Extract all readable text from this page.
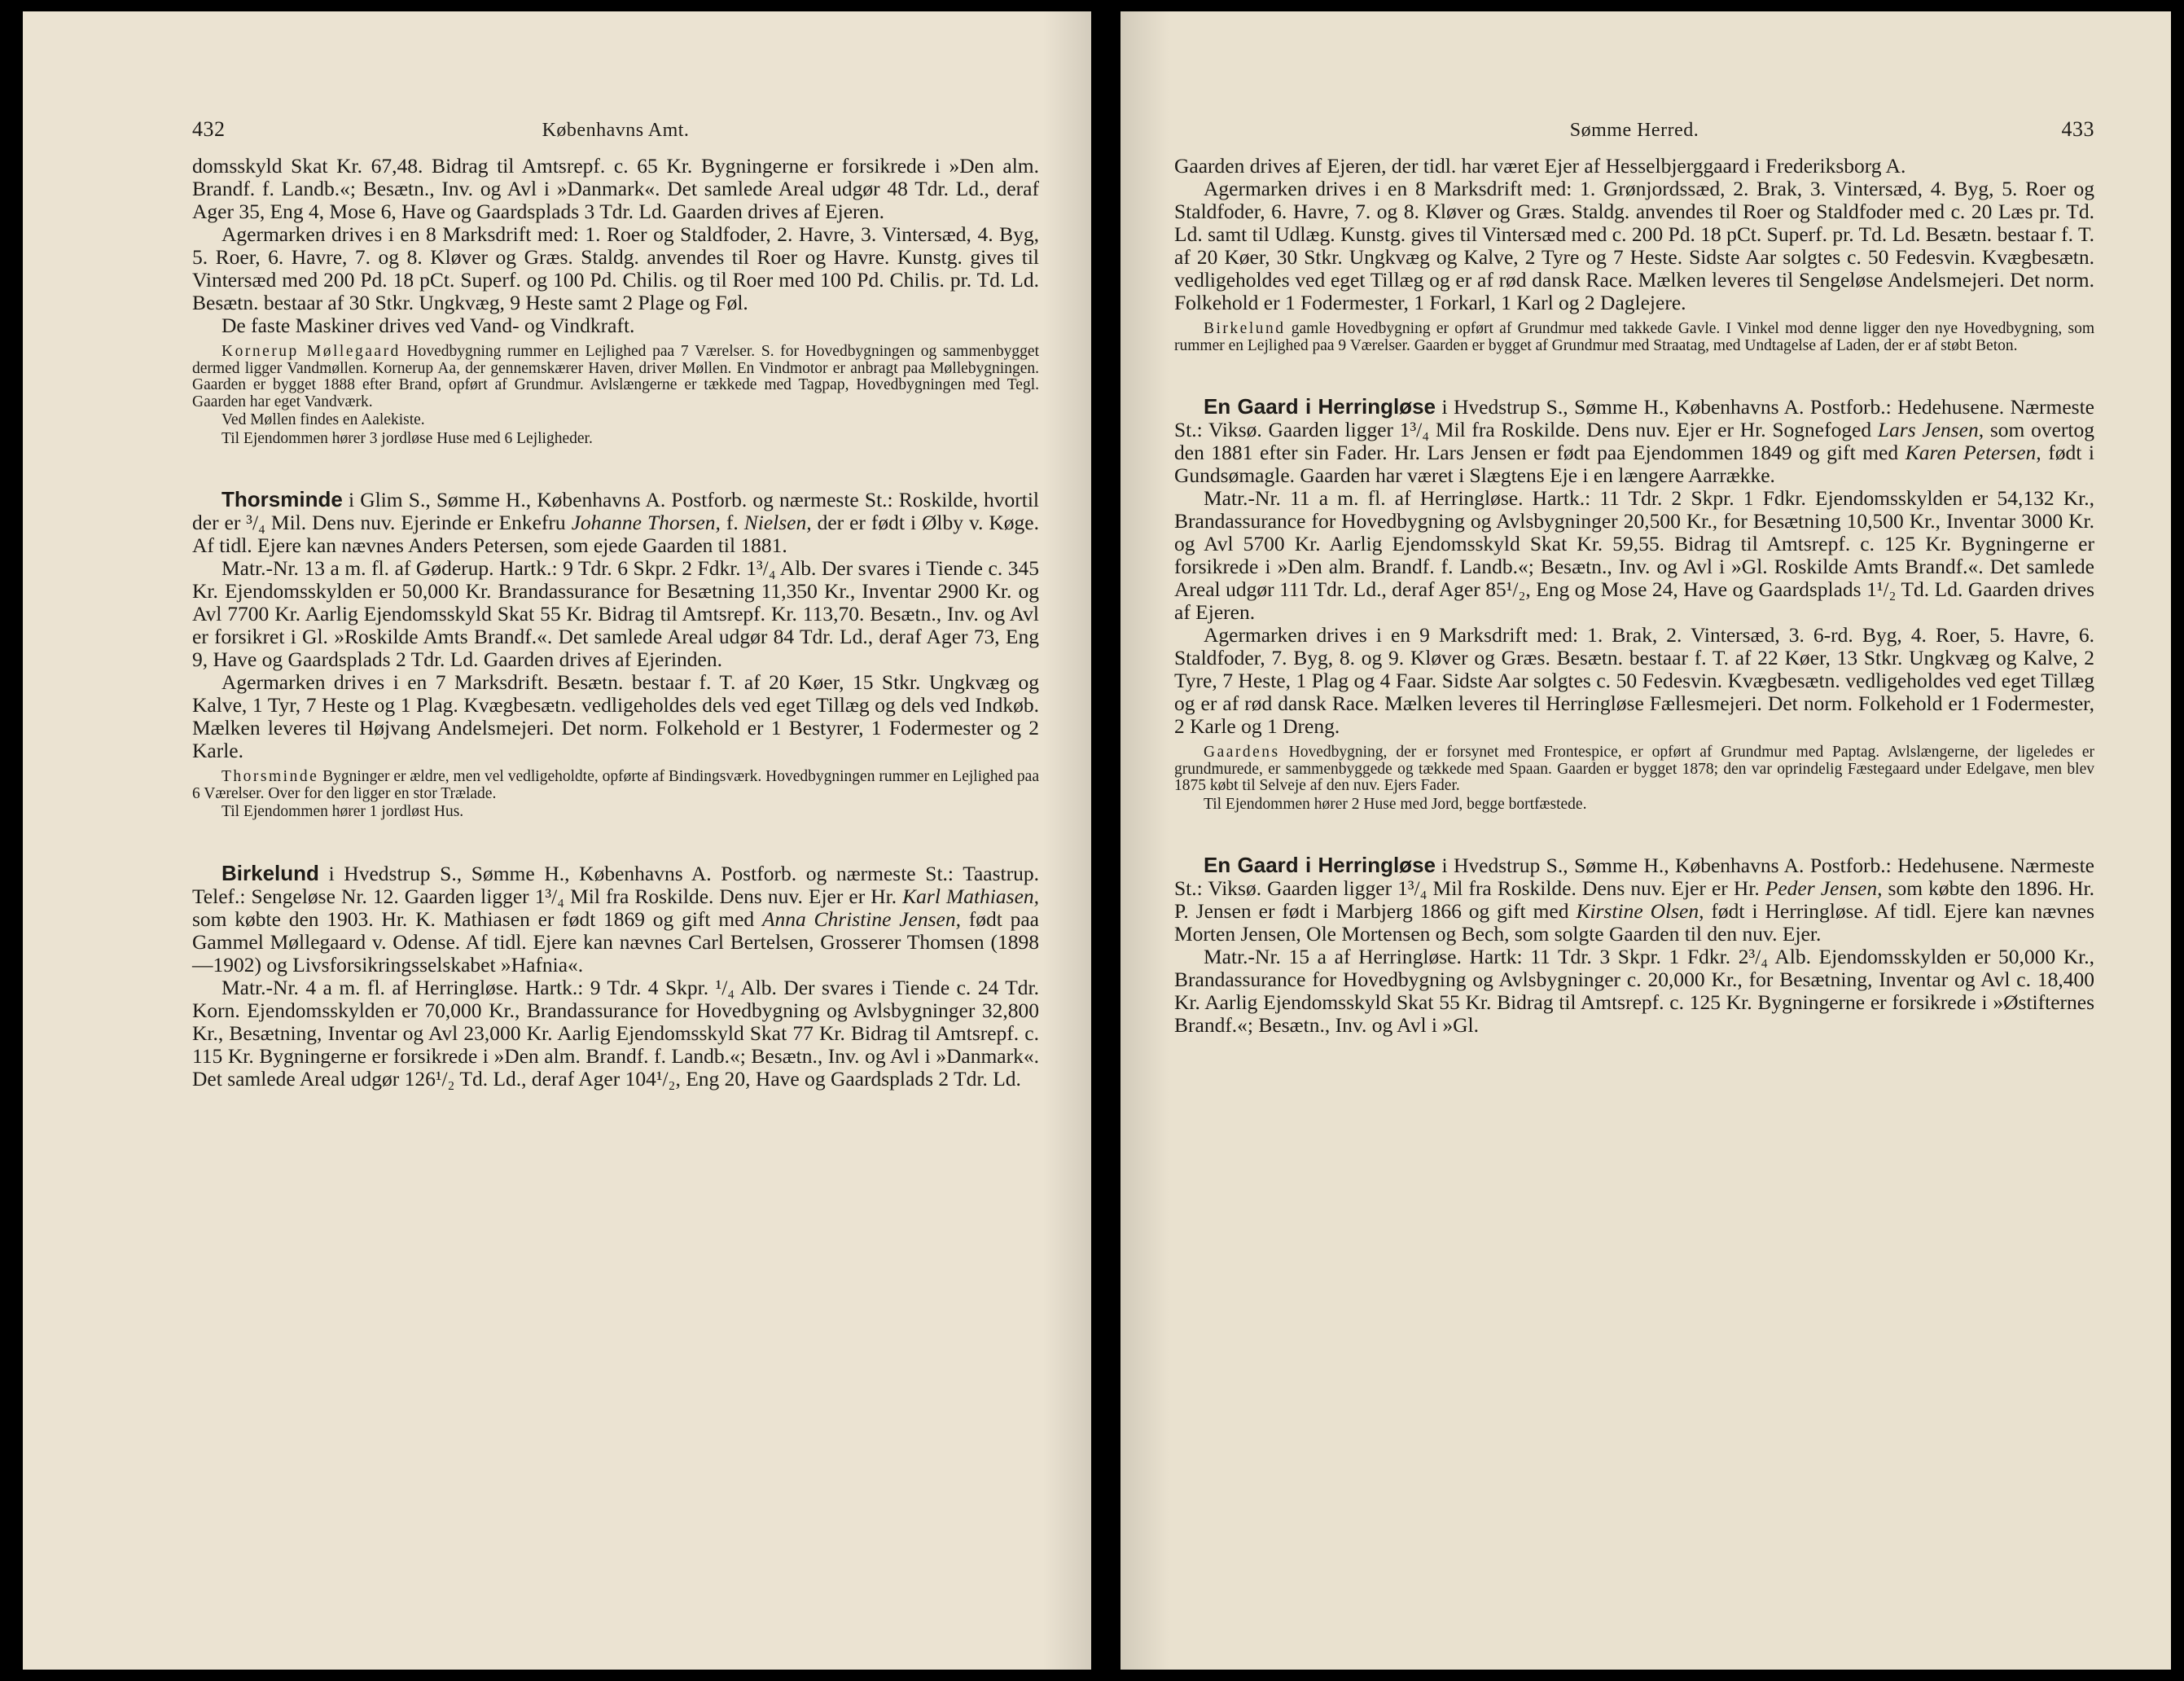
432	Københavns Amt.

domsskyld Skat Kr. 67,48. Bidrag til Amtsrepf. c. 65 Kr. Bygningerne er forsikrede i »Den alm. Brandf. f. Landb.«; Besætn., Inv. og Avl i »Danmark«. Det samlede Areal udgør 48 Tdr. Ld., deraf Ager 35, Eng 4, Mose 6, Have og Gaardsplads 3 Tdr. Ld. Gaarden drives af Ejeren.

Agermarken drives i en 8 Marksdrift med: 1. Roer og Staldfoder, 2. Havre, 3. Vintersæd, 4. Byg, 5. Roer, 6. Havre, 7. og 8. Kløver og Græs. Staldg. anvendes til Roer og Havre. Kunstg. gives til Vintersæd med 200 Pd. 18 pCt. Superf. og 100 Pd. Chilis. og til Roer med 100 Pd. Chilis. pr. Td. Ld. Besætn. bestaar af 30 Stkr. Ungkvæg, 9 Heste samt 2 Plage og Føl.

De faste Maskiner drives ved Vand- og Vindkraft.

Kornerup Møllegaard Hovedbygning rummer en Lejlighed paa 7 Værelser. S. for Hovedbygningen og sammenbygget dermed ligger Vandmøllen. Kornerup Aa, der gennemskærer Haven, driver Møllen. En Vindmotor er anbragt paa Møllebygningen. Gaarden er bygget 1888 efter Brand, opført af Grundmur. Avlslængerne er tækkede med Tagpap, Hovedbygningen med Tegl. Gaarden har eget Vandværk.

Ved Møllen findes en Aalekiste.

Til Ejendommen hører 3 jordløse Huse med 6 Lejligheder.

Thorsminde i Glim S., Sømme H., Københavns A. Postforb. og nærmeste St.: Roskilde, hvortil der er ³/₄ Mil. Dens nuv. Ejerinde er Enkefru Johanne Thorsen, f. Nielsen, der er født i Ølby v. Køge. Af tidl. Ejere kan nævnes Anders Petersen, som ejede Gaarden til 1881.

Matr.-Nr. 13 a m. fl. af Gøderup. Hartk.: 9 Tdr. 6 Skpr. 2 Fdkr. 1³/₄ Alb. Der svares i Tiende c. 345 Kr. Ejendomsskylden er 50,000 Kr. Brandassurance for Besætning 11,350 Kr., Inventar 2900 Kr. og Avl 7700 Kr. Aarlig Ejendomsskyld Skat 55 Kr. Bidrag til Amtsrepf. Kr. 113,70. Besætn., Inv. og Avl er forsikret i Gl. »Roskilde Amts Brandf.«. Det samlede Areal udgør 84 Tdr. Ld., deraf Ager 73, Eng 9, Have og Gaardsplads 2 Tdr. Ld. Gaarden drives af Ejerinden.

Agermarken drives i en 7 Marksdrift. Besætn. bestaar f. T. af 20 Køer, 15 Stkr. Ungkvæg og Kalve, 1 Tyr, 7 Heste og 1 Plag. Kvægbesætn. vedligeholdes dels ved eget Tillæg og dels ved Indkøb. Mælken leveres til Højvang Andelsmejeri. Det norm. Folkehold er 1 Bestyrer, 1 Fodermester og 2 Karle.

Thorsminde Bygninger er ældre, men vel vedligeholdte, opførte af Bindingsværk. Hovedbygningen rummer en Lejlighed paa 6 Værelser. Over for den ligger en stor Trælade.

Til Ejendommen hører 1 jordløst Hus.

Birkelund i Hvedstrup S., Sømme H., Københavns A. Postforb. og nærmeste St.: Taastrup. Telef.: Sengeløse Nr. 12. Gaarden ligger 1³/₄ Mil fra Roskilde. Dens nuv. Ejer er Hr. Karl Mathiasen, som købte den 1903. Hr. K. Mathiasen er født 1869 og gift med Anna Christine Jensen, født paa Gammel Møllegaard v. Odense. Af tidl. Ejere kan nævnes Carl Bertelsen, Grosserer Thomsen (1898—1902) og Livsforsikringsselskabet »Hafnia«.

Matr.-Nr. 4 a m. fl. af Herringløse. Hartk.: 9 Tdr. 4 Skpr. ¹/₄ Alb. Der svares i Tiende c. 24 Tdr. Korn. Ejendomsskylden er 70,000 Kr., Brandassurance for Hovedbygning og Avlsbygninger 32,800 Kr., Besætning, Inventar og Avl 23,000 Kr. Aarlig Ejendomsskyld Skat 77 Kr. Bidrag til Amtsrepf. c. 115 Kr. Bygningerne er forsikrede i »Den alm. Brandf. f. Landb.«; Besætn., Inv. og Avl i »Danmark«. Det samlede Areal udgør 126¹/₂ Td. Ld., deraf Ager 104¹/₂, Eng 20, Have og Gaardsplads 2 Tdr. Ld.

Sømme Herred.	433

Gaarden drives af Ejeren, der tidl. har været Ejer af Hesselbjerggaard i Frederiksborg A.

Agermarken drives i en 8 Marksdrift med: 1. Grønjordssæd, 2. Brak, 3. Vintersæd, 4. Byg, 5. Roer og Staldfoder, 6. Havre, 7. og 8. Kløver og Græs. Staldg. anvendes til Roer og Staldfoder med c. 20 Læs pr. Td. Ld. samt til Udlæg. Kunstg. gives til Vintersæd med c. 200 Pd. 18 pCt. Superf. pr. Td. Ld. Besætn. bestaar f. T. af 20 Køer, 30 Stkr. Ungkvæg og Kalve, 2 Tyre og 7 Heste. Sidste Aar solgtes c. 50 Fedesvin. Kvægbesætn. vedligeholdes ved eget Tillæg og er af rød dansk Race. Mælken leveres til Sengeløse Andelsmejeri. Det norm. Folkehold er 1 Fodermester, 1 Forkarl, 1 Karl og 2 Daglejere.

Birkelund gamle Hovedbygning er opført af Grundmur med takkede Gavle. I Vinkel mod denne ligger den nye Hovedbygning, som rummer en Lejlighed paa 9 Værelser. Gaarden er bygget af Grundmur med Straatag, med Undtagelse af Laden, der er af støbt Beton.

En Gaard i Herringløse i Hvedstrup S., Sømme H., Københavns A. Postforb.: Hedehusene. Nærmeste St.: Viksø. Gaarden ligger 1³/₄ Mil fra Roskilde. Dens nuv. Ejer er Hr. Sognefoged Lars Jensen, som overtog den 1881 efter sin Fader. Hr. Lars Jensen er født paa Ejendommen 1849 og gift med Karen Petersen, født i Gundsømagle. Gaarden har været i Slægtens Eje i en længere Aarrække.

Matr.-Nr. 11 a m. fl. af Herringløse. Hartk.: 11 Tdr. 2 Skpr. 1 Fdkr. Ejendomsskylden er 54,132 Kr., Brandassurance for Hovedbygning og Avlsbygninger 20,500 Kr., for Besætning 10,500 Kr., Inventar 3000 Kr. og Avl 5700 Kr. Aarlig Ejendomsskyld Skat Kr. 59,55. Bidrag til Amtsrepf. c. 125 Kr. Bygningerne er forsikrede i »Den alm. Brandf. f. Landb.«; Besætn., Inv. og Avl i »Gl. Roskilde Amts Brandf.«. Det samlede Areal udgør 111 Tdr. Ld., deraf Ager 85¹/₂, Eng og Mose 24, Have og Gaardsplads 1¹/₂ Td. Ld. Gaarden drives af Ejeren.

Agermarken drives i en 9 Marksdrift med: 1. Brak, 2. Vintersæd, 3. 6-rd. Byg, 4. Roer, 5. Havre, 6. Staldfoder, 7. Byg, 8. og 9. Kløver og Græs. Besætn. bestaar f. T. af 22 Køer, 13 Stkr. Ungkvæg og Kalve, 2 Tyre, 7 Heste, 1 Plag og 4 Faar. Sidste Aar solgtes c. 50 Fedesvin. Kvægbesætn. vedligeholdes ved eget Tillæg og er af rød dansk Race. Mælken leveres til Herringløse Fællesmejeri. Det norm. Folkehold er 1 Fodermester, 2 Karle og 1 Dreng.

Gaardens Hovedbygning, der er forsynet med Frontespice, er opført af Grundmur med Paptag. Avlslængerne, der ligeledes er grundmurede, er sammenbyggede og tækkede med Spaan. Gaarden er bygget 1878; den var oprindelig Fæstegaard under Edelgave, men blev 1875 købt til Selveje af den nuv. Ejers Fader.

Til Ejendommen hører 2 Huse med Jord, begge bortfæstede.

En Gaard i Herringløse i Hvedstrup S., Sømme H., Københavns A. Postforb.: Hedehusene. Nærmeste St.: Viksø. Gaarden ligger 1³/₄ Mil fra Roskilde. Dens nuv. Ejer er Hr. Peder Jensen, som købte den 1896. Hr. P. Jensen er født i Marbjerg 1866 og gift med Kirstine Olsen, født i Herringløse. Af tidl. Ejere kan nævnes Morten Jensen, Ole Mortensen og Bech, som solgte Gaarden til den nuv. Ejer.

Matr.-Nr. 15 a af Herringløse. Hartk: 11 Tdr. 3 Skpr. 1 Fdkr. 2³/₄ Alb. Ejendomsskylden er 50,000 Kr., Brandassurance for Hovedbygning og Avlsbygninger c. 20,000 Kr., for Besætning, Inventar og Avl c. 18,400 Kr. Aarlig Ejendomsskyld Skat 55 Kr. Bidrag til Amtsrepf. c. 125 Kr. Bygningerne er forsikrede i »Østifternes Brandf.«; Besætn., Inv. og Avl i »Gl.
